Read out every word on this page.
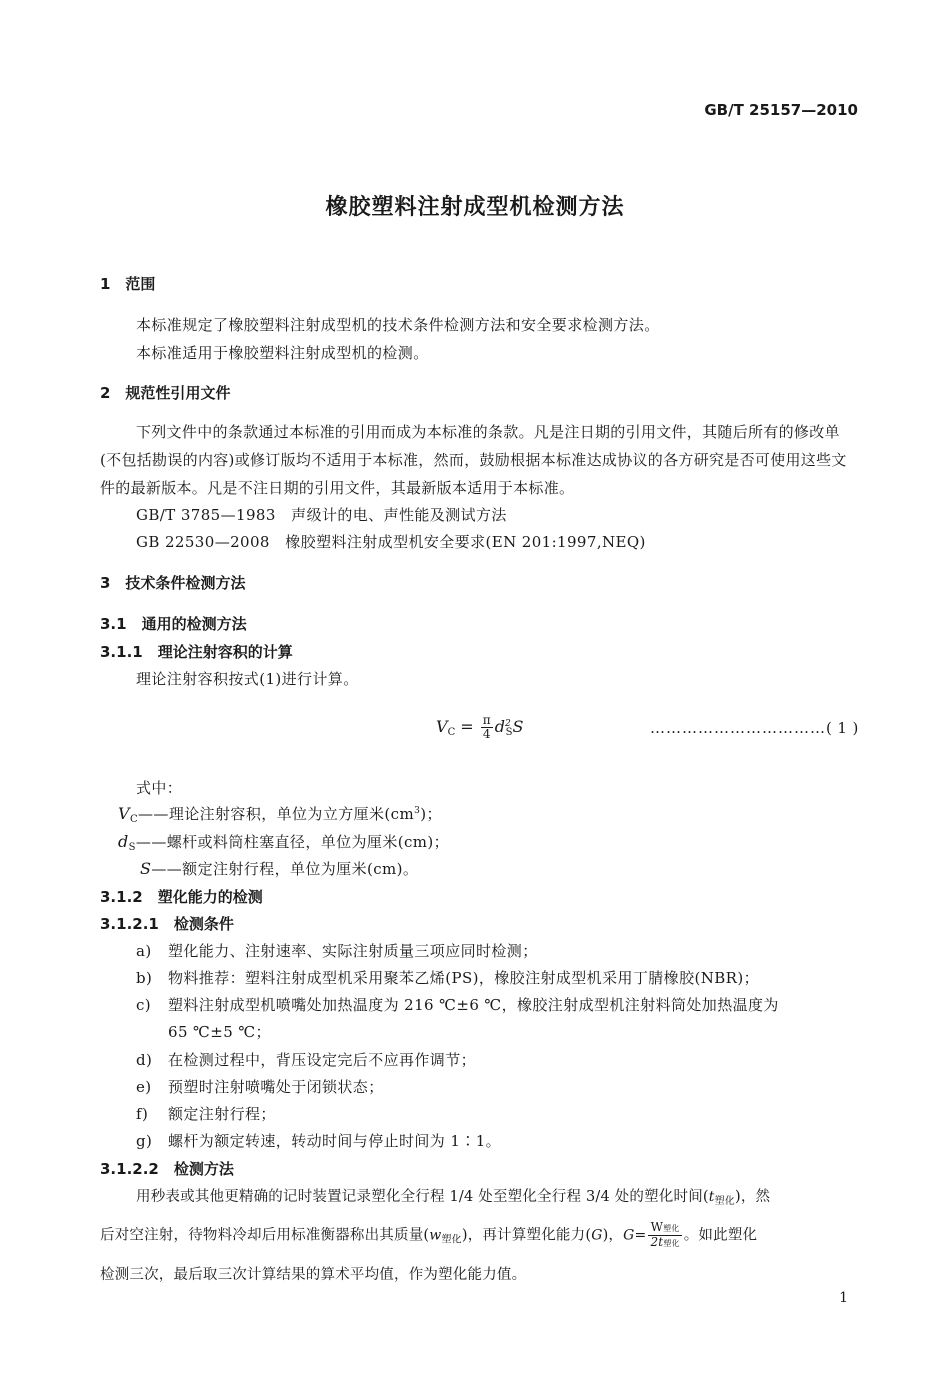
GB/T 25157—2010
橡胶塑料注射成型机检测方法
1　范围
本标准规定了橡胶塑料注射成型机的技术条件检测方法和安全要求检测方法。
本标准适用于橡胶塑料注射成型机的检测。
2　规范性引用文件
下列文件中的条款通过本标准的引用而成为本标准的条款。凡是注日期的引用文件，其随后所有的修改单(不包括勘误的内容)或修订版均不适用于本标准，然而，鼓励根据本标准达成协议的各方研究是否可使用这些文件的最新版本。凡是不注日期的引用文件，其最新版本适用于本标准。
GB/T 3785—1983　声级计的电、声性能及测试方法
GB 22530—2008　橡胶塑料注射成型机安全要求(EN 201:1997,NEQ)
3　技术条件检测方法
3.1　通用的检测方法
3.1.1　理论注射容积的计算
理论注射容积按式(1)进行计算。
$V_C = \frac{\pi}{4} d^2_SS$	……………………………( 1 )
式中：
$V_C——$理论注射容积，单位为立方厘米$(cm^3)$；
$d_S——$螺杆或料筒柱塞直径，单位为厘米(cm)；
S——额定注射行程，单位为厘米(cm)。
3.1.2　塑化能力的检测
3.1.2.1　检测条件
a) 塑化能力、注射速率、实际注射质量三项应同时检测；
b) 物料推荐：塑料注射成型机采用聚苯乙烯(PS)，橡胶注射成型机采用丁腈橡胶(NBR)；
c) 塑料注射成型机喷嘴处加热温度为 216 ℃±6 ℃，橡胶注射成型机注射料筒处加热温度为
65 ℃±5 ℃；
d) 在检测过程中，背压设定完后不应再作调节；
e) 预塑时注射喷嘴处于闭锁状态；
f) 额定注射行程；
g) 螺杆为额定转速，转动时间与停止时间为 1∶1。
3.1.2.2　检测方法
用秒表或其他更精确的记时装置记录塑化全行程 1/4 处至塑化全行程 3/4 处的塑化时间$(t_{塑化})$，然
后对空注射，待物料冷却后用标准衡器称出其质量$(w_{塑化})$，再计算塑化能力(G)，$G= \frac{\text{W塑化}}{\text{2t塑化}}$ 。如此塑化
检测三次，最后取三次计算结果的算术平均值，作为塑化能力值。
1
